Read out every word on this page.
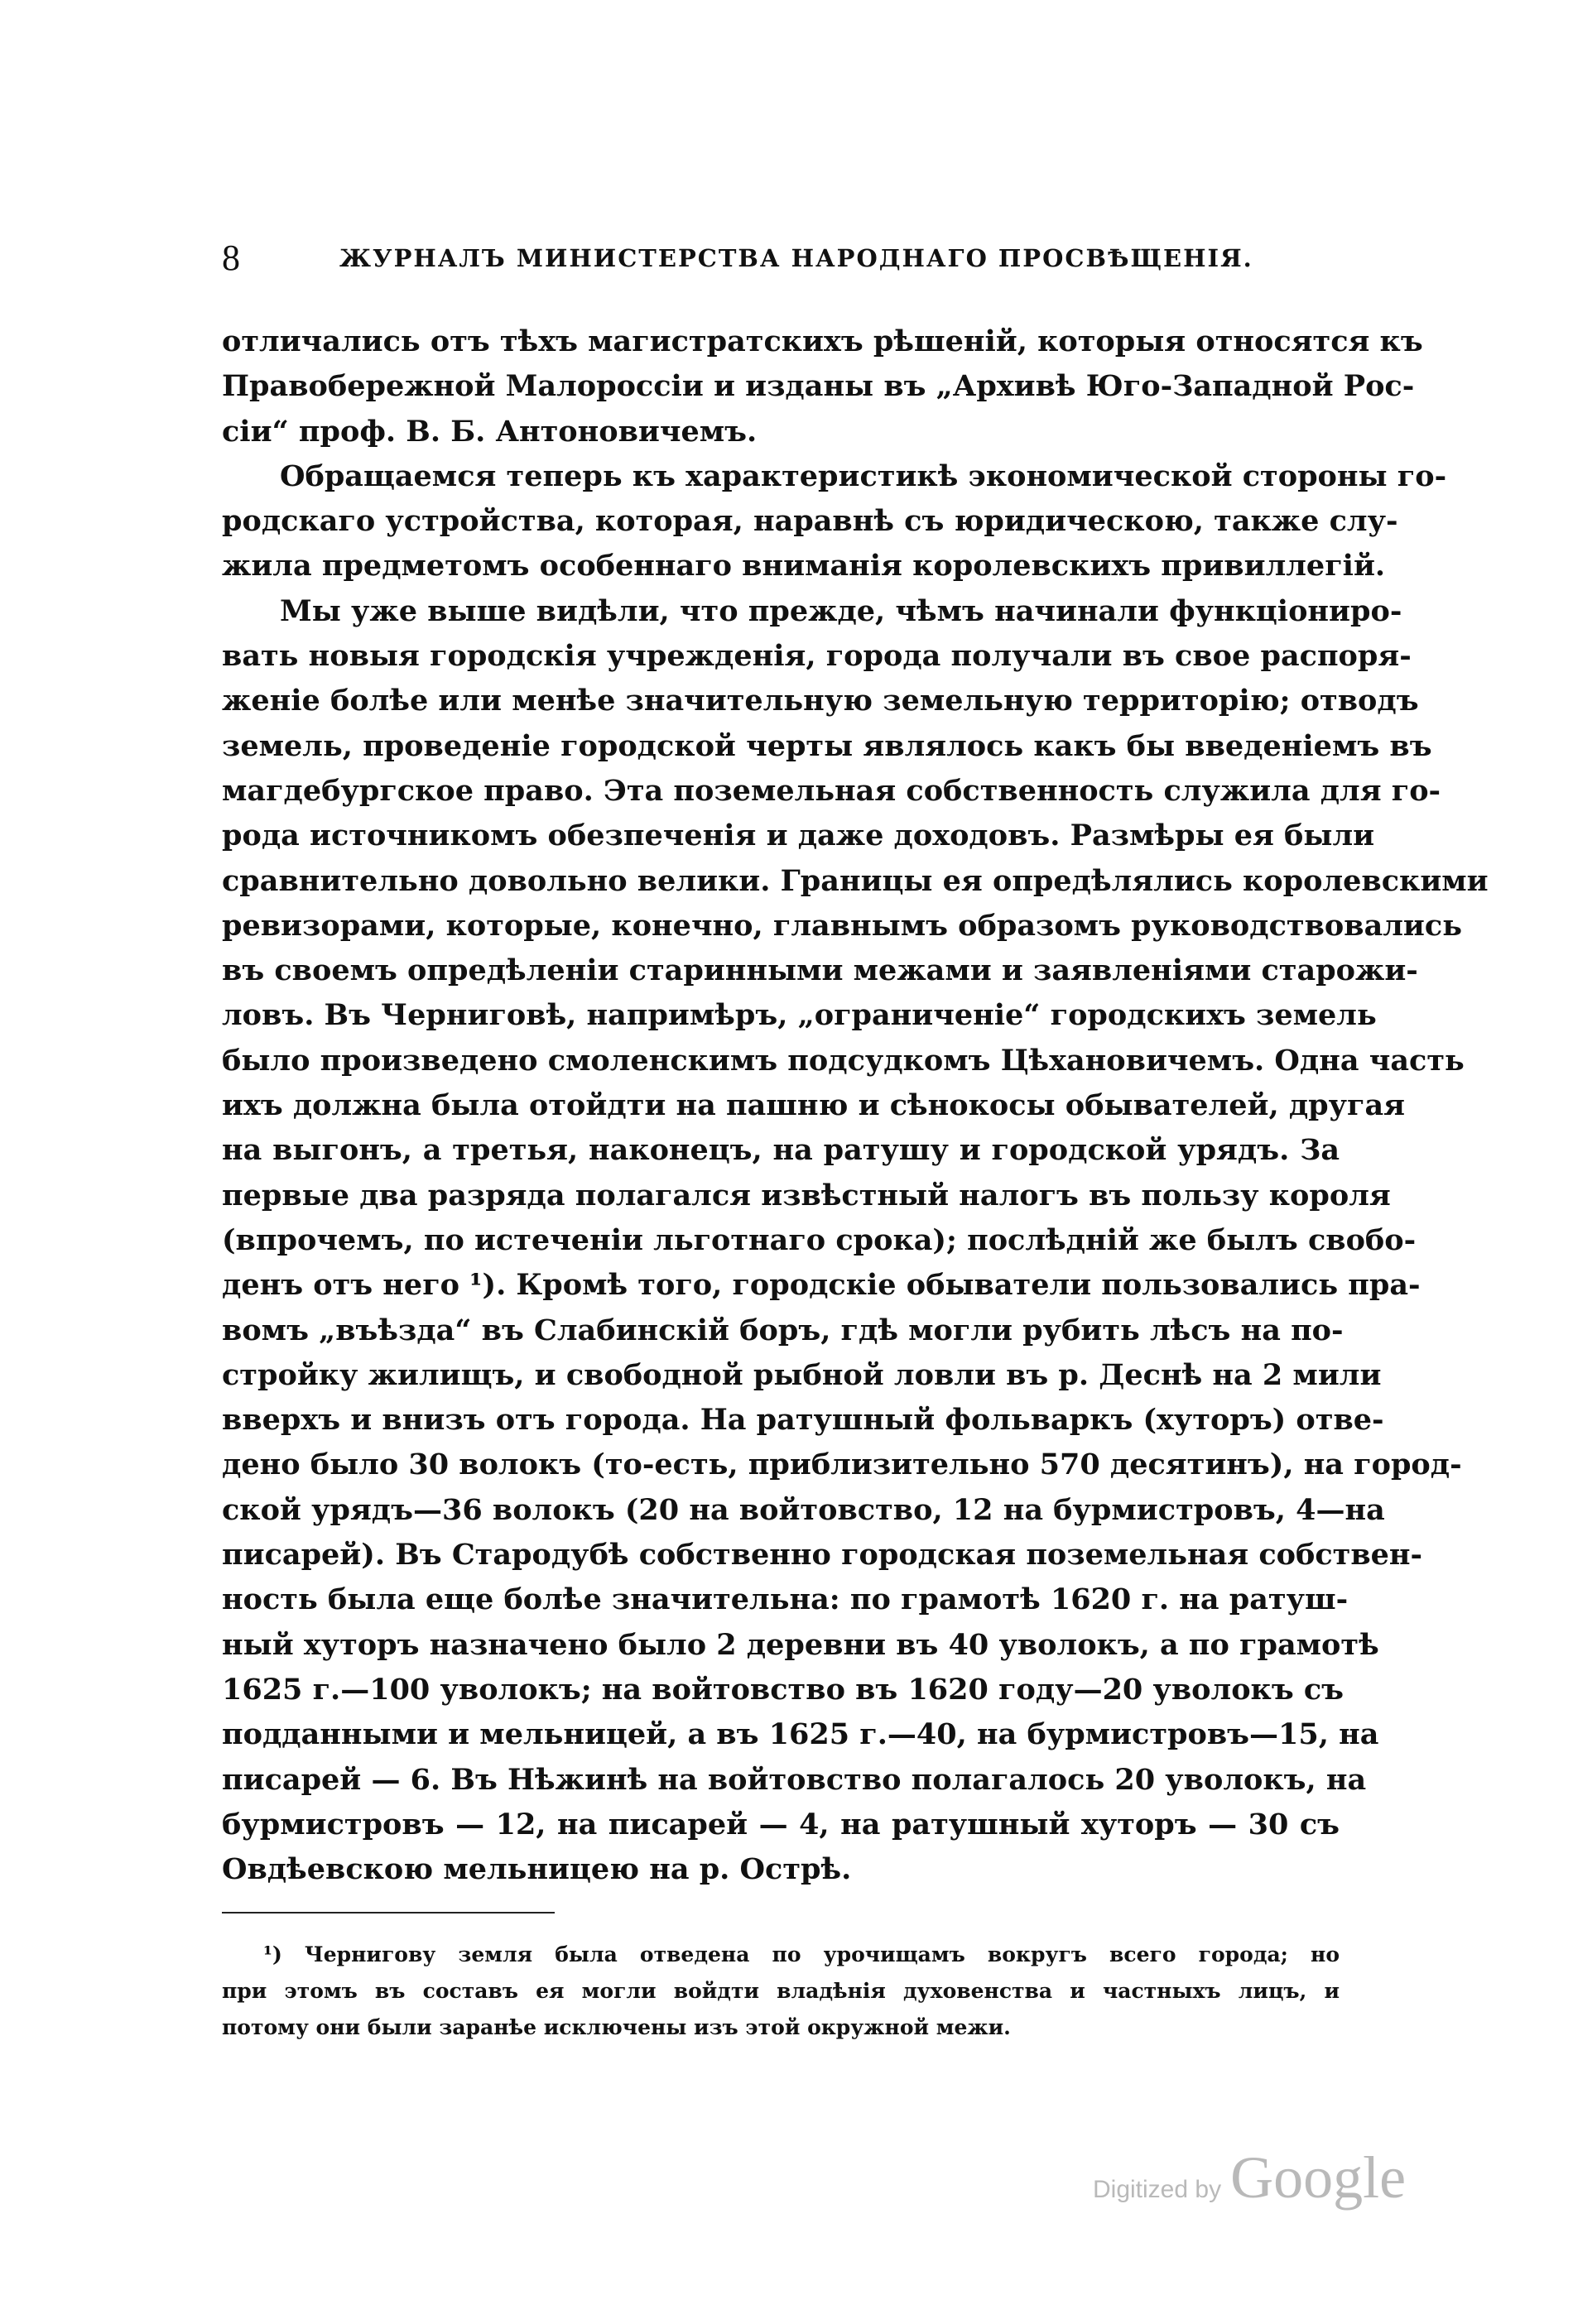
8	ЖУРНАЛЪ МИНИСТЕРСТВА НАРОДНАГО ПРОСВѢЩЕНІЯ.
отличались отъ тѣхъ магистратскихъ рѣшеній, которыя относятся къ
Правобережной Малороссіи и изданы въ „Архивѣ Юго-Западной Рос-
сіи“ проф. В. Б. Антоновичемъ.
Обращаемся теперь къ характеристикѣ экономической стороны го-
родскаго устройства, которая, наравнѣ съ юридическою, также слу-
жила предметомъ особеннаго вниманія королевскихъ привиллегій.
Мы уже выше видѣли, что прежде, чѣмъ начинали функціониро-
вать новыя городскія учрежденія, города получали въ свое распоря-
женіе болѣе или менѣе значительную земельную территорію; отводъ
земель, проведеніе городской черты являлось какъ бы введеніемъ въ
магдебургское право. Эта поземельная собственность служила для го-
рода источникомъ обезпеченія и даже доходовъ. Размѣры ея были
сравнительно довольно велики. Границы ея опредѣлялись королевскими
ревизорами, которые, конечно, главнымъ образомъ руководствовались
въ своемъ опредѣленіи старинными межами и заявленіями старожи-
ловъ. Въ Черниговѣ, напримѣръ, „ограниченіе“ городскихъ земель
было произведено смоленскимъ подсудкомъ Цѣхановичемъ. Одна часть
ихъ должна была отойдти на пашню и сѣнокосы обывателей, другая
на выгонъ, а третья, наконецъ, на ратушу и городской урядъ. За
первые два разряда полагался извѣстный налогъ въ пользу короля
(впрочемъ, по истеченіи льготнаго срока); послѣдній же былъ свобо-
денъ отъ него ¹). Кромѣ того, городскіе обыватели пользовались пра-
вомъ „въѣзда“ въ Слабинскій боръ, гдѣ могли рубить лѣсъ на по-
стройку жилищъ, и свободной рыбной ловли въ р. Деснѣ на 2 мили
вверхъ и внизъ отъ города. На ратушный фольваркъ (хуторъ) отве-
дено было 30 волокъ (то-есть, приблизительно 570 десятинъ), на город-
ской урядъ—36 волокъ (20 на войтовство, 12 на бурмистровъ, 4—на
писарей). Въ Стародубѣ собственно городская поземельная собствен-
ность была еще болѣе значительна: по грамотѣ 1620 г. на ратуш-
ный хуторъ назначено было 2 деревни въ 40 уволокъ, а по грамотѣ
1625 г.—100 уволокъ; на войтовство въ 1620 году—20 уволокъ съ
подданными и мельницей, а въ 1625 г.—40, на бурмистровъ—15, на
писарей — 6. Въ Нѣжинѣ на войтовство полагалось 20 уволокъ, на
бурмистровъ — 12, на писарей — 4, на ратушный хуторъ — 30 съ
Овдѣевскою мельницею на р. Острѣ.
¹) Чернигову земля была отведена по урочищамъ вокругъ всего города; но
при этомъ въ составъ ея могли войдти владѣнія духовенства и частныхъ лицъ, и
потому они были заранѣе исключены изъ этой окружной межи.
Digitized by Google
